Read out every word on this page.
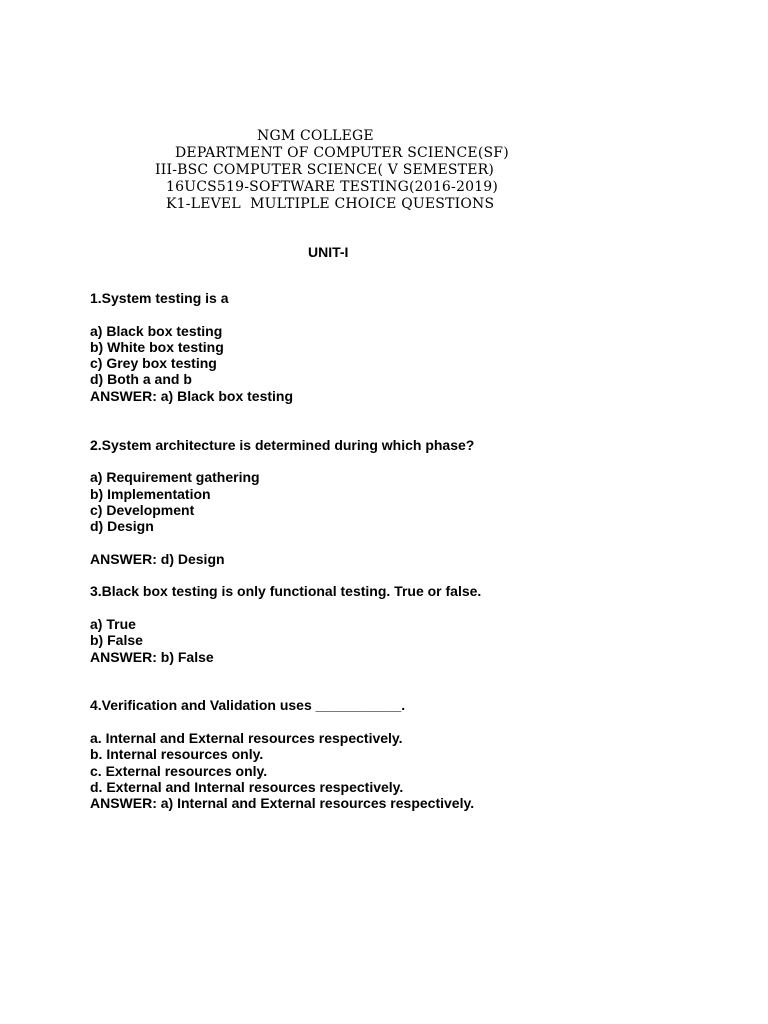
NGM COLLEGE
DEPARTMENT OF COMPUTER SCIENCE(SF)
III-BSC COMPUTER SCIENCE( V SEMESTER)
16UCS519-SOFTWARE TESTING(2016-2019)
K1-LEVEL  MULTIPLE CHOICE QUESTIONS
UNIT-I

1.System testing is a

a) Black box testing

b) White box testing

c) Grey box testing

d) Both a and b

ANSWER: a) Black box testing

2.System architecture is determined during which phase?

a) Requirement gathering

b) Implementation

c) Development

d) Design

ANSWER: d) Design

3.Black box testing is only functional testing. True or false.

a) True

b) False

ANSWER: b) False

4.Verification and Validation uses ___________.

a. Internal and External resources respectively.

b. Internal resources only.

c. External resources only.

d. External and Internal resources respectively.

ANSWER: a) Internal and External resources respectively.
